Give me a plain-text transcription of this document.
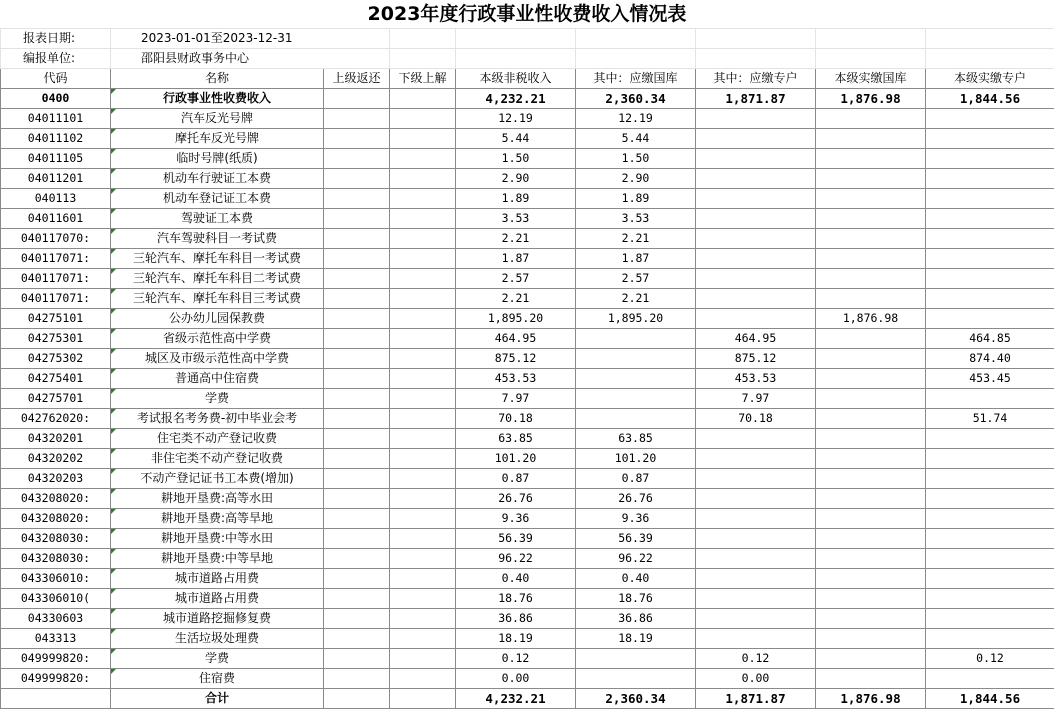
2023年度行政事业性收费收入情况表
报表日期:	2023-01-01至2023-12-31							
编报单位:	邵阳县财政事务中心							
代码	名称	上级返还	下级上解	本级非税收入	其中：应缴国库	其中：应缴专户	本级实缴国库	本级实缴专户
0400	行政事业性收费收入			4,232.21	2,360.34	1,871.87	1,876.98	1,844.56
04011101	汽车反光号牌			12.19	12.19			
04011102	摩托车反光号牌			5.44	5.44			
04011105	临时号牌(纸质)			1.50	1.50			
04011201	机动车行驶证工本费			2.90	2.90			
040113	机动车登记证工本费			1.89	1.89			
04011601	驾驶证工本费			3.53	3.53			
040117070:	汽车驾驶科目一考试费			2.21	2.21			
040117071:	三轮汽车、摩托车科目一考试费			1.87	1.87			
040117071:	三轮汽车、摩托车科目二考试费			2.57	2.57			
040117071:	三轮汽车、摩托车科目三考试费			2.21	2.21			
04275101	公办幼儿园保教费			1,895.20	1,895.20		1,876.98	
04275301	省级示范性高中学费			464.95		464.95		464.85
04275302	城区及市级示范性高中学费			875.12		875.12		874.40
04275401	普通高中住宿费			453.53		453.53		453.45
04275701	学费			7.97		7.97		
042762020:	考试报名考务费-初中毕业会考			70.18		70.18		51.74
04320201	住宅类不动产登记收费			63.85	63.85			
04320202	非住宅类不动产登记收费			101.20	101.20			
04320203	不动产登记证书工本费(增加)			0.87	0.87			
043208020:	耕地开垦费:高等水田			26.76	26.76			
043208020:	耕地开垦费:高等旱地			9.36	9.36			
043208030:	耕地开垦费:中等水田			56.39	56.39			
043208030:	耕地开垦费:中等旱地			96.22	96.22			
043306010:	城市道路占用费			0.40	0.40			
043306010(	城市道路占用费			18.76	18.76			
04330603	城市道路挖掘修复费			36.86	36.86			
043313	生活垃圾处理费			18.19	18.19			
049999820:	学费			0.12		0.12		0.12
049999820:	住宿费			0.00		0.00		
	合计			4,232.21	2,360.34	1,871.87	1,876.98	1,844.56
